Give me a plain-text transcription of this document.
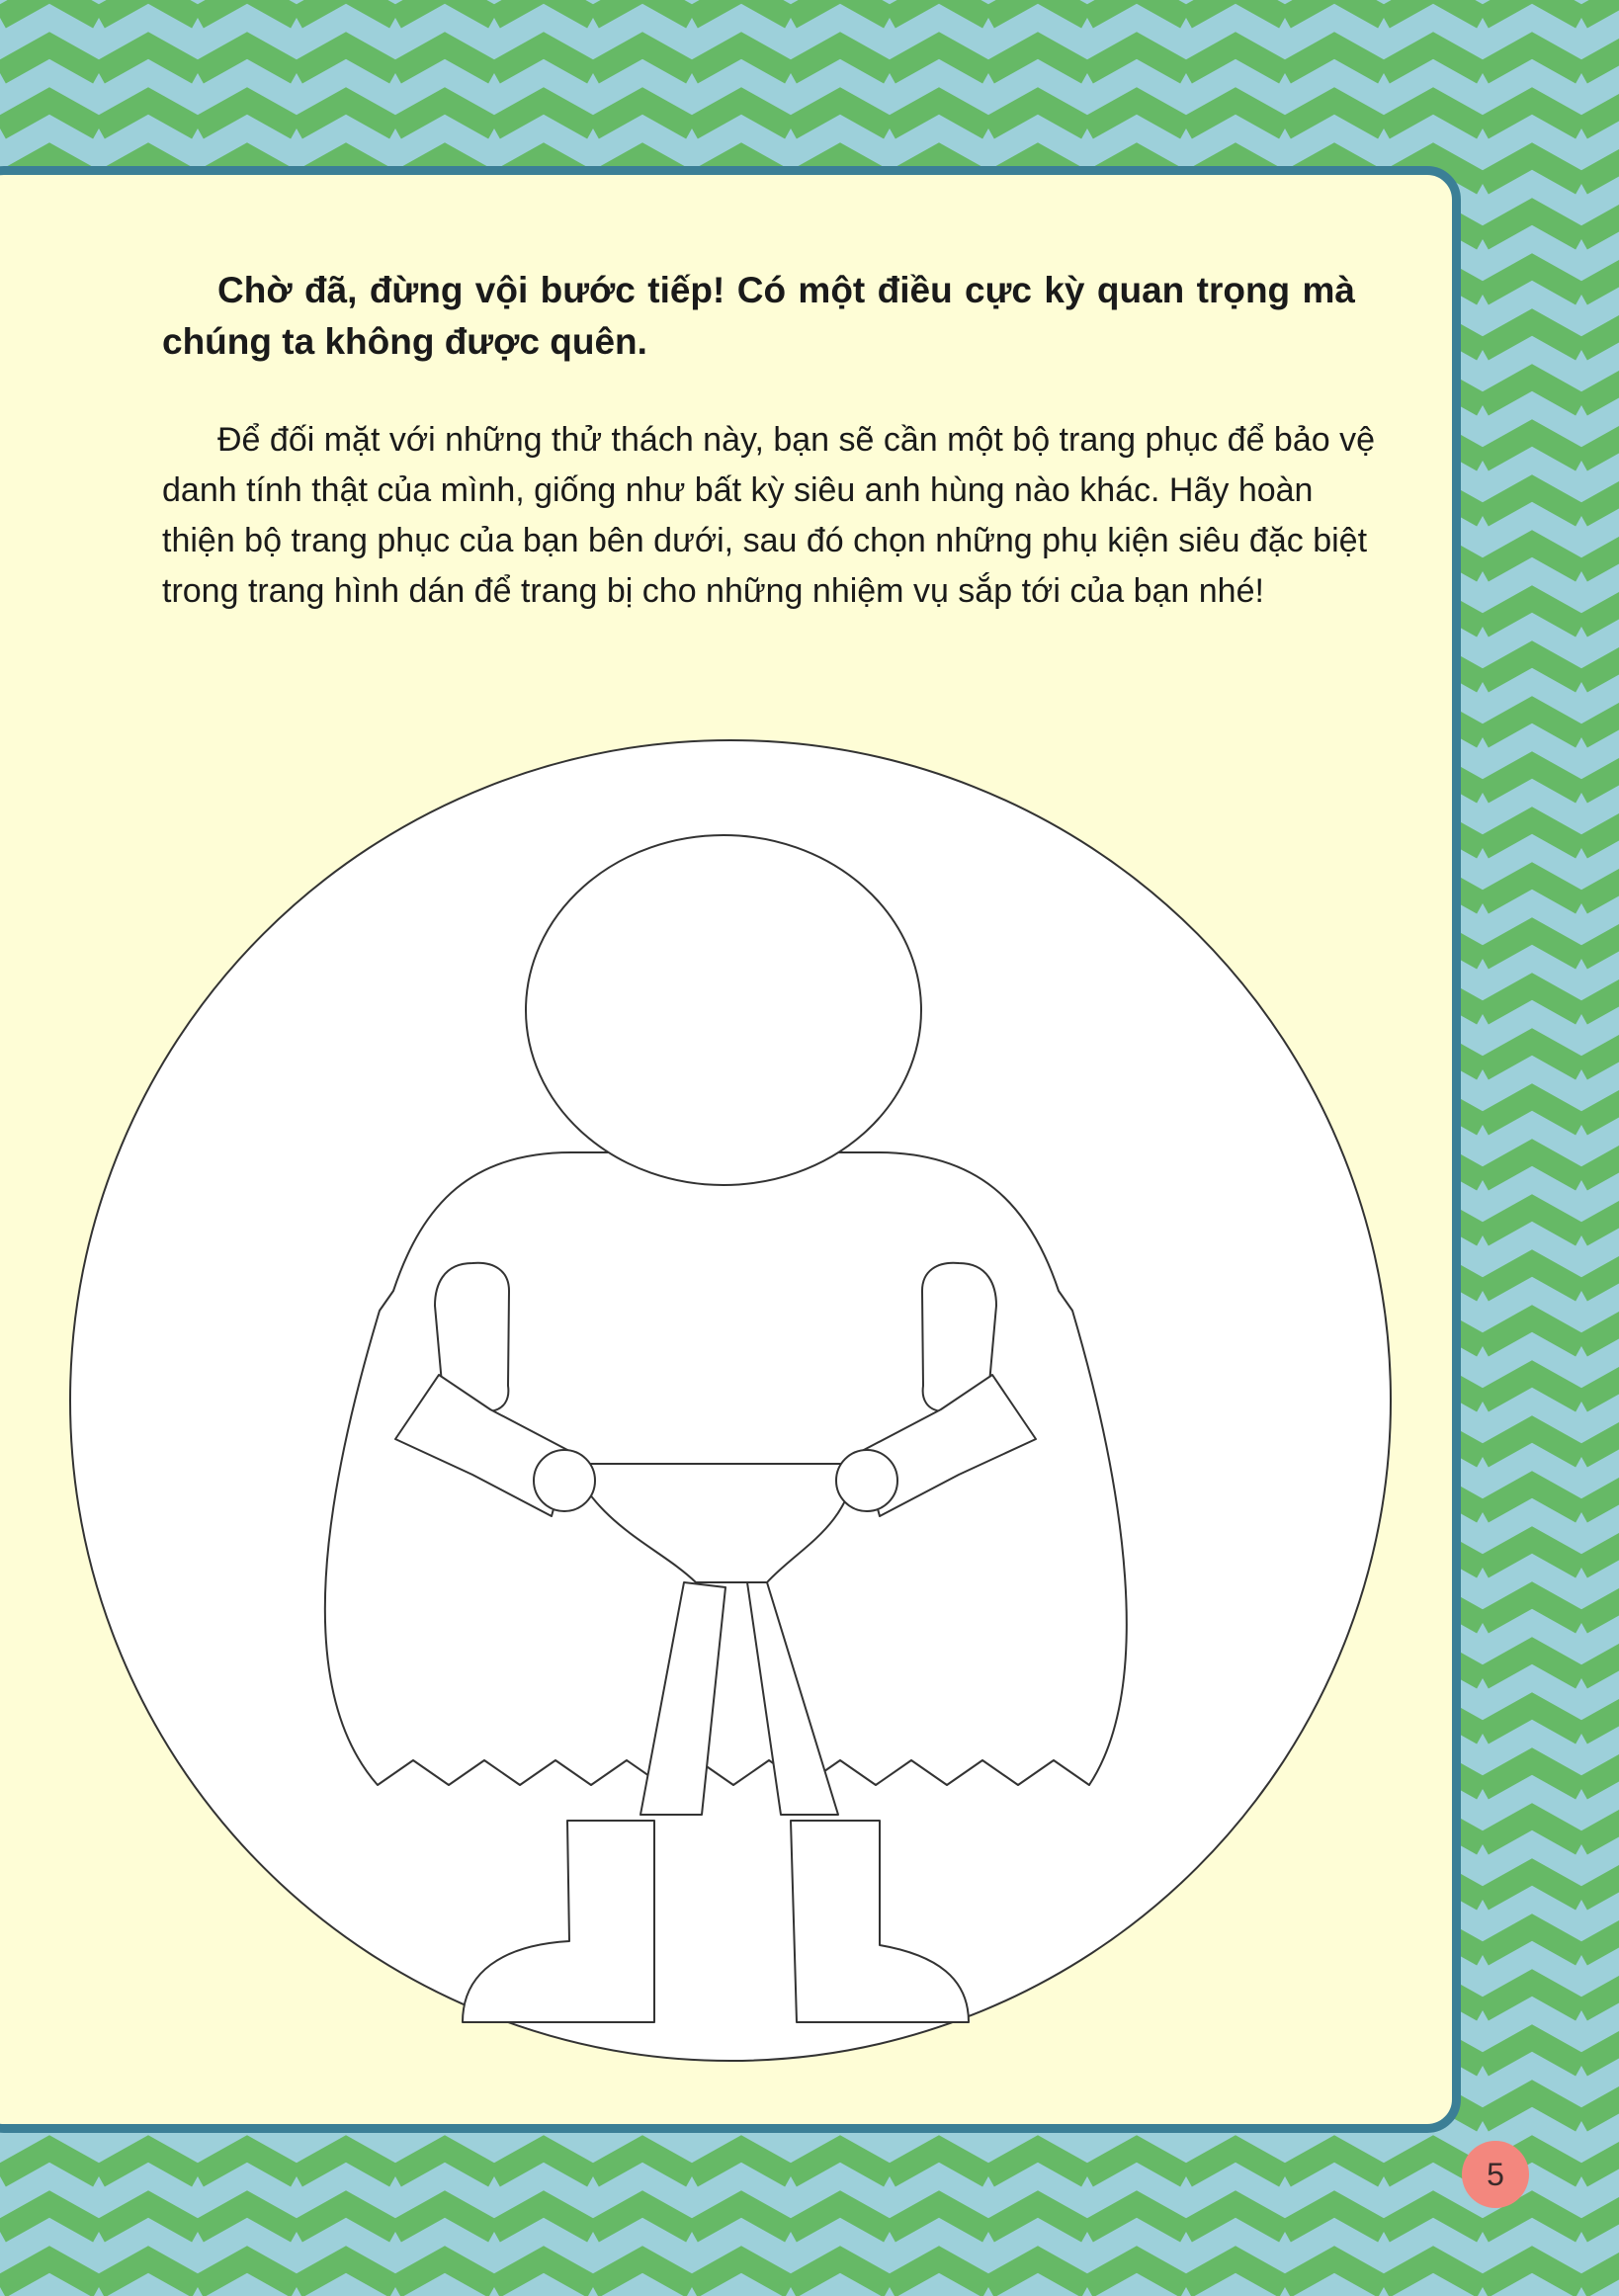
Chờ đã, đừng vội bước tiếp! Có một điều cực kỳ quan trọng mà chúng ta không được quên.

Để đối mặt với những thử thách này, bạn sẽ cần một bộ trang phục để bảo vệ danh tính thật của mình, giống như bất kỳ siêu anh hùng nào khác. Hãy hoàn thiện bộ trang phục của bạn bên dưới, sau đó chọn những phụ kiện siêu đặc biệt trong trang hình dán để trang bị cho những nhiệm vụ sắp tới của bạn nhé!

5
